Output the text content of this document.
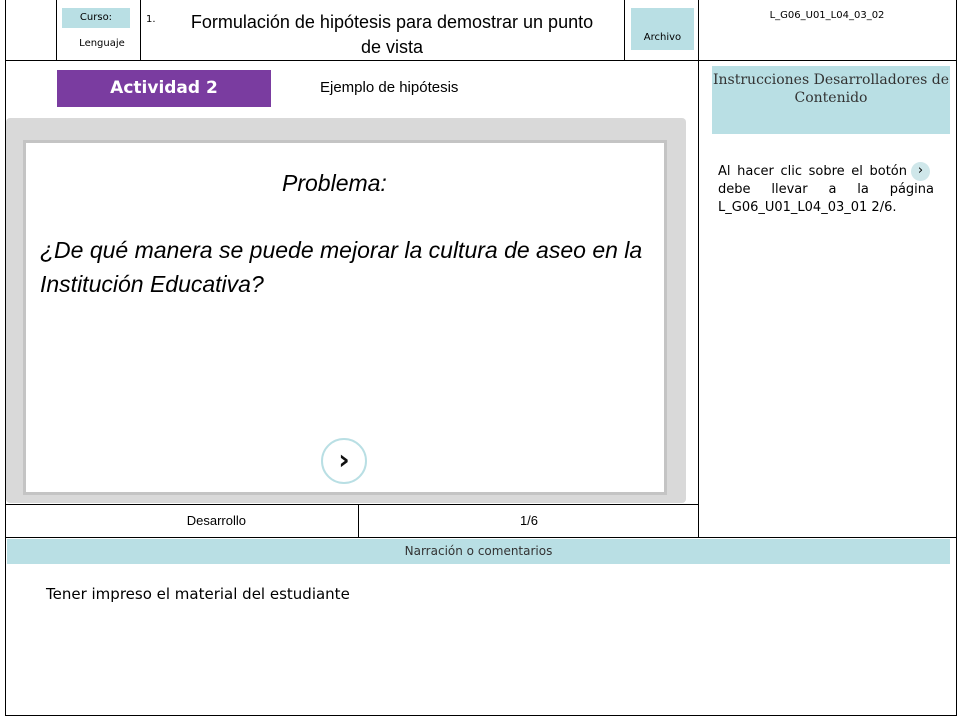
Curso:
Lenguaje
1.	Formulación de hipótesis para demostrar un punto de vista	Archivo
L_G06_U01_L04_03_02
Actividad 2	Ejemplo de hipótesis	Instrucciones Desarrolladores de Contenido
Al hacer clic sobre el botón ›debe llevar a la página L_G06_U01_L04_03_01 2/6.
Problema:
¿De qué manera se puede mejorar la cultura de aseo en la Institución Educativa?
›
Desarrollo	1/6
Narración o comentarios
Tener impreso el material del estudiante
